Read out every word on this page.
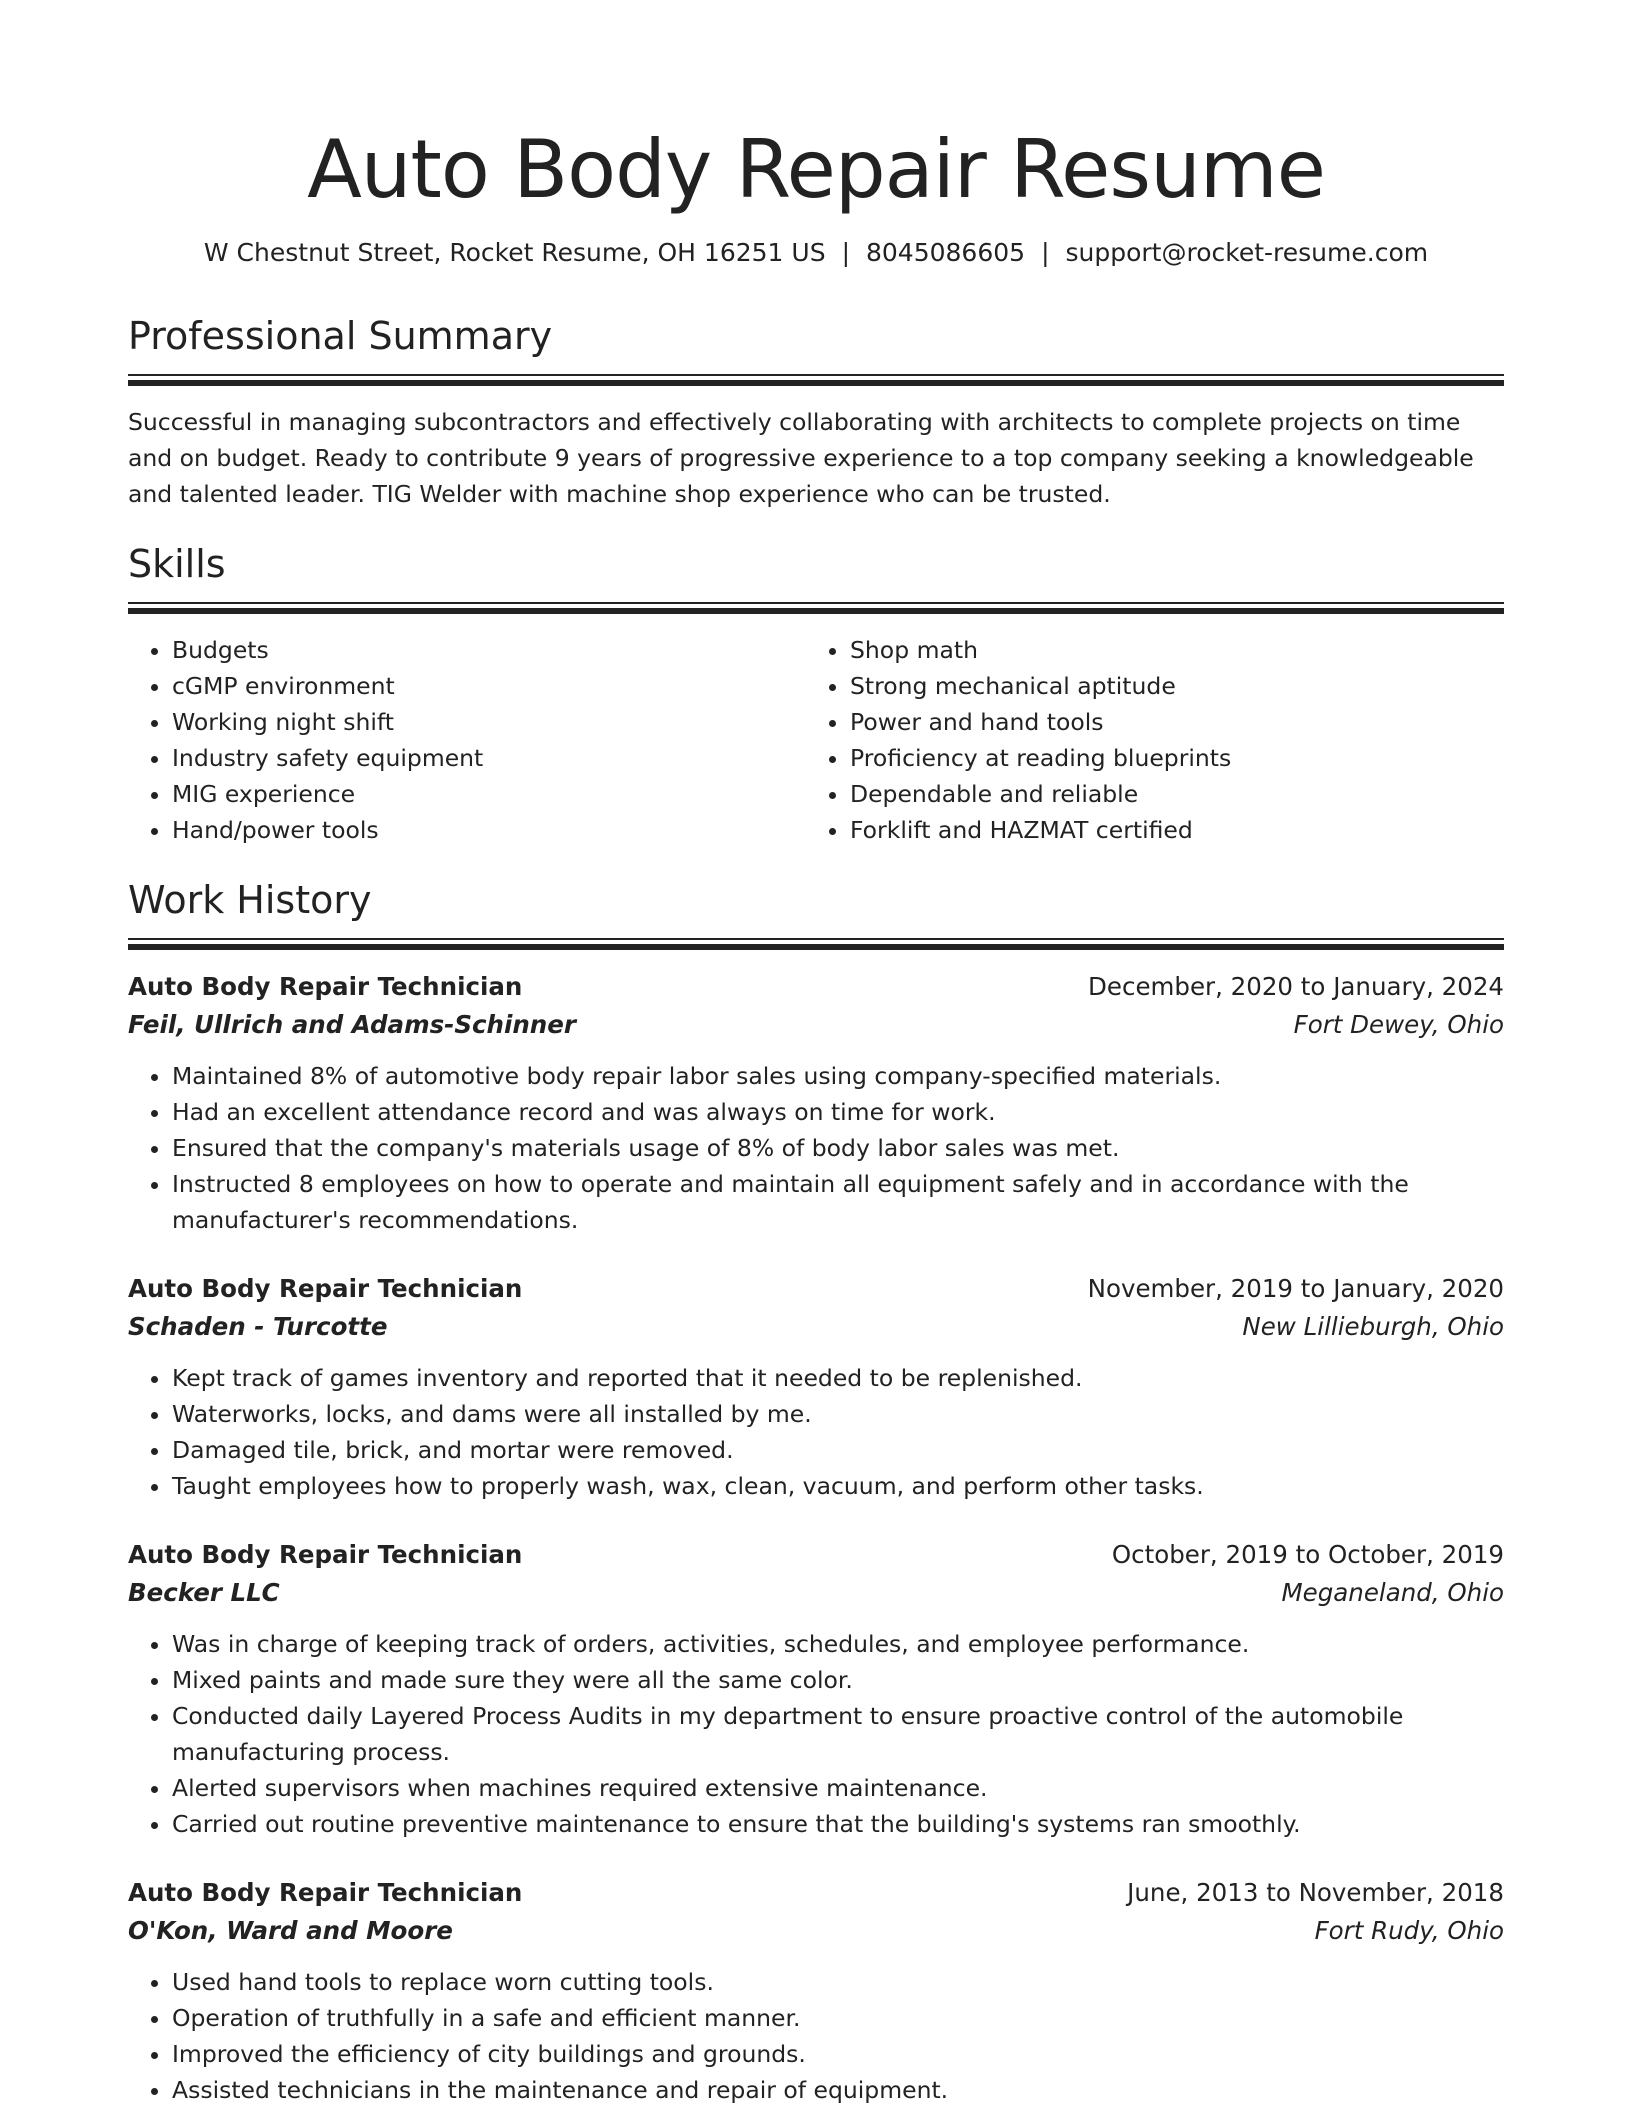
Auto Body Repair Resume
W Chestnut Street, Rocket Resume, OH 16251 US | 8045086605 | support@rocket-resume.com
Professional Summary

Successful in managing subcontractors and effectively collaborating with architects to complete projects on time and on budget. Ready to contribute 9 years of progressive experience to a top company seeking a knowledgeable and talented leader. TIG Welder with machine shop experience who can be trusted.

Skills
• Budgets
• cGMP environment
• Working night shift
• Industry safety equipment
• MIG experience
• Hand/power tools
• Shop math
• Strong mechanical aptitude
• Power and hand tools
• Proficiency at reading blueprints
• Dependable and reliable
• Forklift and HAZMAT certified
Work History
Auto Body Repair Technician	December, 2020 to January, 2024
Feil, Ullrich and Adams-Schinner	Fort Dewey, Ohio
• Maintained 8% of automotive body repair labor sales using company-specified materials.
• Had an excellent attendance record and was always on time for work.
• Ensured that the company's materials usage of 8% of body labor sales was met.
• Instructed 8 employees on how to operate and maintain all equipment safely and in accordance with the manufacturer's recommendations.
Auto Body Repair Technician	November, 2019 to January, 2020
Schaden - Turcotte	New Lillieburgh, Ohio
• Kept track of games inventory and reported that it needed to be replenished.
• Waterworks, locks, and dams were all installed by me.
• Damaged tile, brick, and mortar were removed.
• Taught employees how to properly wash, wax, clean, vacuum, and perform other tasks.
Auto Body Repair Technician	October, 2019 to October, 2019
Becker LLC	Meganeland, Ohio
• Was in charge of keeping track of orders, activities, schedules, and employee performance.
• Mixed paints and made sure they were all the same color.
• Conducted daily Layered Process Audits in my department to ensure proactive control of the automobile manufacturing process.
• Alerted supervisors when machines required extensive maintenance.
• Carried out routine preventive maintenance to ensure that the building's systems ran smoothly.
Auto Body Repair Technician	June, 2013 to November, 2018
O'Kon, Ward and Moore	Fort Rudy, Ohio
• Used hand tools to replace worn cutting tools.
• Operation of truthfully in a safe and efficient manner.
• Improved the efficiency of city buildings and grounds.
• Assisted technicians in the maintenance and repair of equipment.
